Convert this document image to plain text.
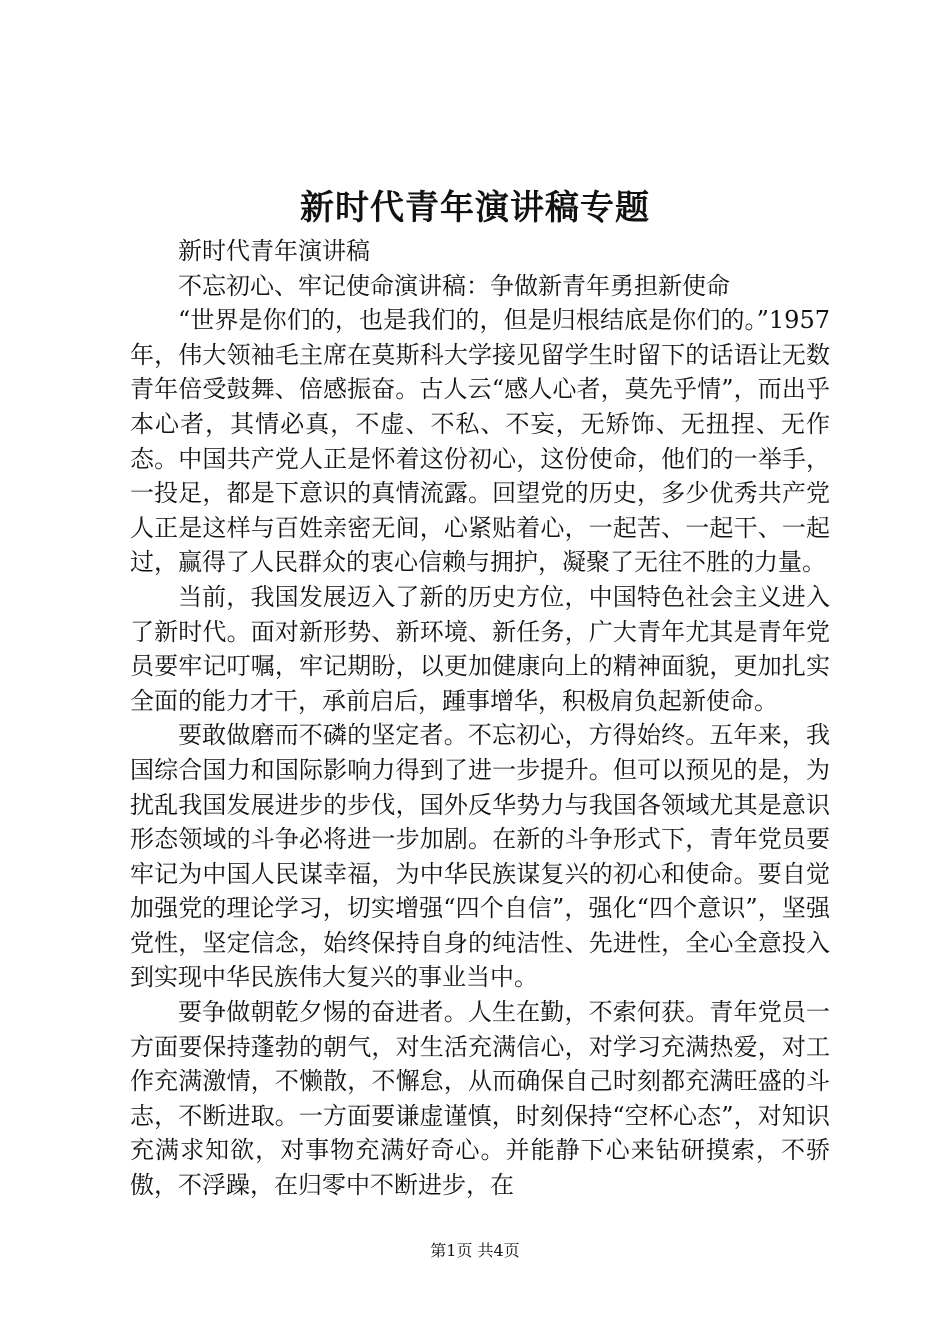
新时代青年演讲稿专题

新时代青年演讲稿

不忘初心、牢记使命演讲稿：争做新青年勇担新使命

“世界是你们的，也是我们的，但是归根结底是你们的。”1957年，伟大领袖毛主席在莫斯科大学接见留学生时留下的话语让无数青年倍受鼓舞、倍感振奋。古人云“感人心者，莫先乎情”，而出乎本心者，其情必真，不虚、不私、不妄，无矫饰、无扭捏、无作态。中国共产党人正是怀着这份初心，这份使命，他们的一举手，一投足，都是下意识的真情流露。回望党的历史，多少优秀共产党人正是这样与百姓亲密无间，心紧贴着心，一起苦、一起干、一起过，赢得了人民群众的衷心信赖与拥护，凝聚了无往不胜的力量。

当前，我国发展迈入了新的历史方位，中国特色社会主义进入了新时代。面对新形势、新环境、新任务，广大青年尤其是青年党员要牢记叮嘱，牢记期盼，以更加健康向上的精神面貌，更加扎实全面的能力才干，承前启后，踵事增华，积极肩负起新使命。

要敢做磨而不磷的坚定者。不忘初心，方得始终。五年来，我国综合国力和国际影响力得到了进一步提升。但可以预见的是，为扰乱我国发展进步的步伐，国外反华势力与我国各领域尤其是意识形态领域的斗争必将进一步加剧。在新的斗争形式下，青年党员要牢记为中国人民谋幸福，为中华民族谋复兴的初心和使命。要自觉加强党的理论学习，切实增强“四个自信”，强化“四个意识”，坚强党性，坚定信念，始终保持自身的纯洁性、先进性，全心全意投入到实现中华民族伟大复兴的事业当中。

要争做朝乾夕惕的奋进者。人生在勤，不索何获。青年党员一方面要保持蓬勃的朝气，对生活充满信心，对学习充满热爱，对工作充满激情，不懒散，不懈怠，从而确保自己时刻都充满旺盛的斗志，不断进取。一方面要谦虚谨慎，时刻保持“空杯心态”，对知识充满求知欲，对事物充满好奇心。并能静下心来钻研摸索，不骄傲，不浮躁，在归零中不断进步，在

第1页 共4页
